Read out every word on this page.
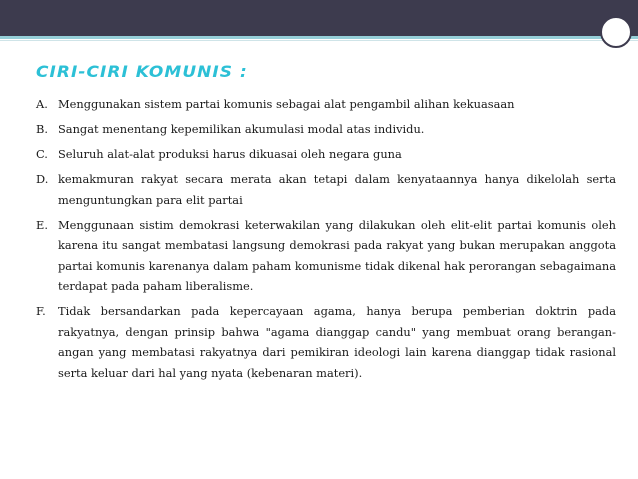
CIRI-CIRI KOMUNIS :
A. Menggunakan sistem partai komunis sebagai alat pengambil alihan kekuasaan
B. Sangat menentang kepemilikan akumulasi modal atas individu.
C. Seluruh alat-alat produksi harus dikuasai oleh negara guna
D. kemakmuran rakyat secara merata akan tetapi dalam kenyataannya hanya dikelolah serta menguntungkan para elit partai
E. Menggunaan sistim demokrasi keterwakilan yang dilakukan oleh elit-elit partai komunis oleh karena itu sangat membatasi langsung demokrasi pada rakyat yang bukan merupakan anggota partai komunis karenanya dalam paham komunisme tidak dikenal hak perorangan sebagaimana terdapat pada paham liberalisme.
F.	Tidak bersandarkan pada kepercayaan agama, hanya berupa pemberian doktrin pada rakyatnya, dengan prinsip bahwa "agama dianggap candu" yang membuat orang berangan-angan yang membatasi rakyatnya dari pemikiran ideologi lain karena dianggap tidak rasional serta keluar dari hal yang nyata (kebenaran materi).
